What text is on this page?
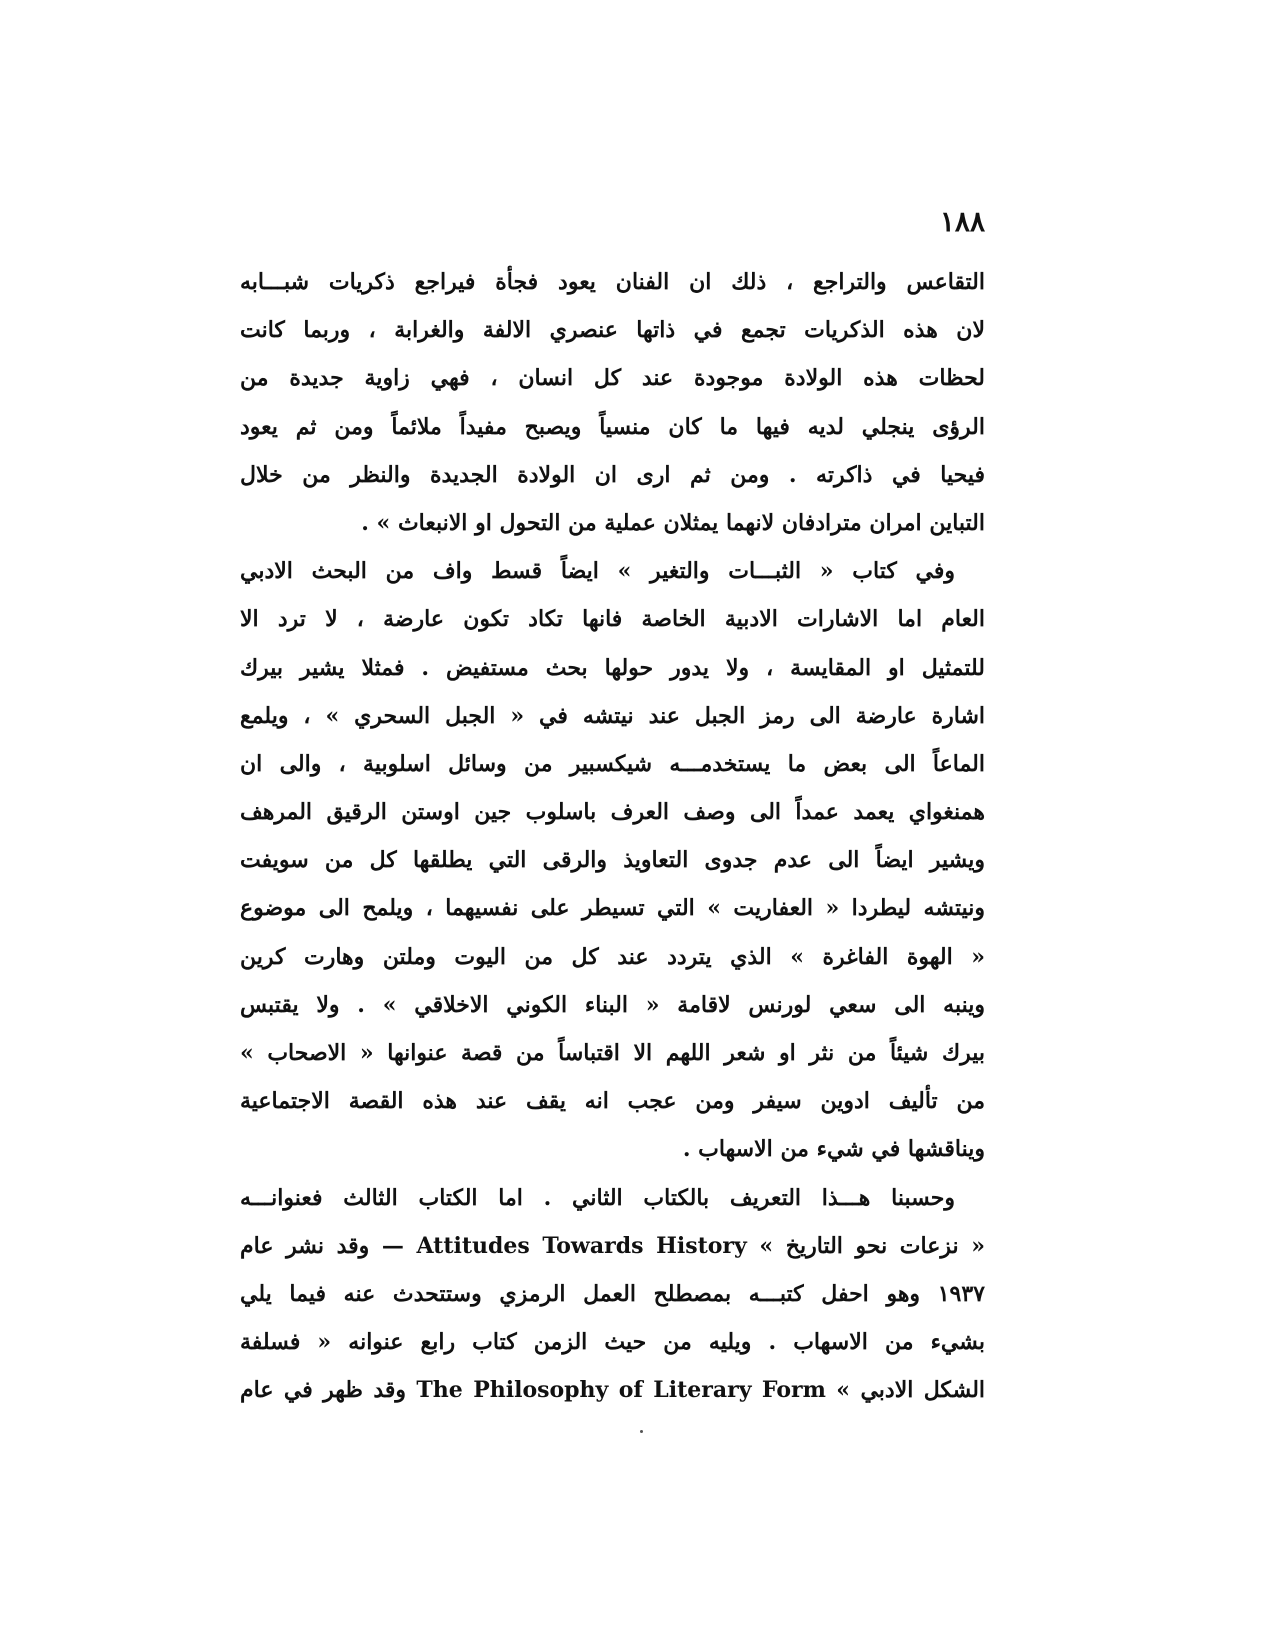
١٨٨
التقاعس والتراجع ، ذلك ان الفنان يعود فجأة فيراجع ذكريات شبـــابه
لان هذه الذكريات تجمع في ذاتها عنصري الالفة والغرابة ، وربما كانت
لحظات هذه الولادة موجودة عند كل انسان ، فهي زاوية جديدة من
الرؤى ينجلي لديه فيها ما كان منسياً ويصبح مفيداً ملائماً ومن ثم يعود
فيحيا في ذاكرته . ومن ثم ارى ان الولادة الجديدة والنظر من خلال
التباين امران مترادفان لانهما يمثلان عملية من التحول او الانبعاث » .
وفي كتاب « الثبـــات والتغير » ايضاً قسط واف من البحث الادبي
العام اما الاشارات الادبية الخاصة فانها تكاد تكون عارضة ، لا ترد الا
للتمثيل او المقايسة ، ولا يدور حولها بحث مستفيض . فمثلا يشير بيرك
اشارة عارضة الى رمز الجبل عند نيتشه في « الجبل السحري » ، ويلمع
الماعاً الى بعض ما يستخدمـــه شيكسبير من وسائل اسلوبية ، والى ان
همنغواي يعمد عمداً الى وصف العرف باسلوب جين اوستن الرقيق المرهف
ويشير ايضاً الى عدم جدوى التعاويذ والرقى التي يطلقها كل من سويفت
ونيتشه ليطردا « العفاريت » التي تسيطر على نفسيهما ، ويلمح الى موضوع
« الهوة الفاغرة » الذي يتردد عند كل من اليوت وملتن وهارت كرين
وينبه الى سعي لورنس لاقامة « البناء الكوني الاخلاقي » . ولا يقتبس
بيرك شيئاً من نثر او شعر اللهم الا اقتباساً من قصة عنوانها « الاصحاب »
من تأليف ادوين سيفر ومن عجب انه يقف عند هذه القصة الاجتماعية
ويناقشها في شيء من الاسهاب .
وحسبنا هـــذا التعريف بالكتاب الثاني . اما الكتاب الثالث فعنوانـــه
« نزعات نحو التاريخ » Attitudes Towards History — وقد نشر عام
١٩٣٧ وهو احفل كتبـــه بمصطلح العمل الرمزي وستتحدث عنه فيما يلي
بشيء من الاسهاب . ويليه من حيث الزمن كتاب رابع عنوانه « فسلفة
الشكل الادبي » The Philosophy of Literary Form وقد ظهر في عام
